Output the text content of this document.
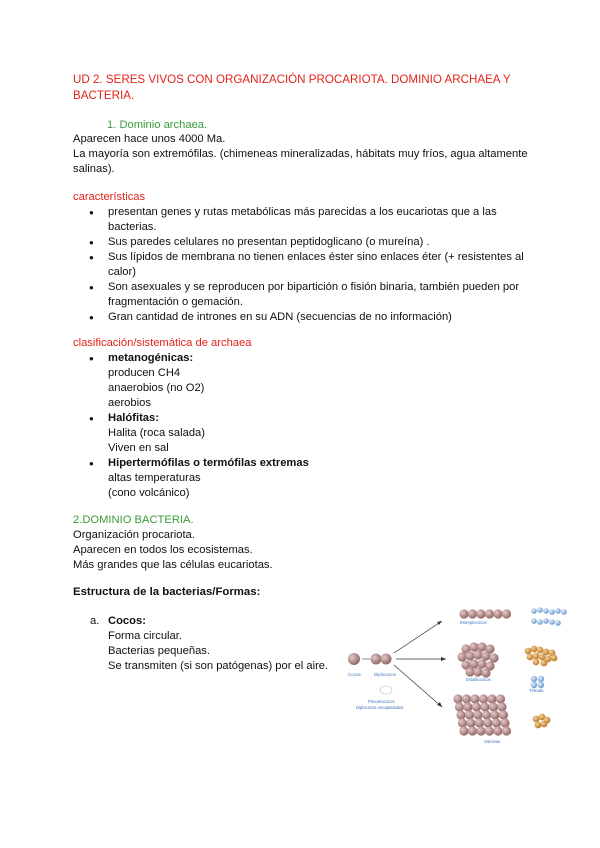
UD 2. SERES VIVOS CON ORGANIZACIÓN PROCARIOTA. DOMINIO ARCHAEA Y BACTERIA.
1. Dominio archaea.
Aparecen hace unos 4000 Ma.
La mayoría son extremófilas. (chimeneas mineralizadas, hábitats muy fríos, agua altamente salinas).
características
● presentan genes y rutas metabólicas más parecidas a los eucariotas que a las bacterias.
● Sus paredes celulares no presentan peptidoglicano (o mureína) .
● Sus lípidos de membrana no tienen enlaces éster sino enlaces éter (+ resistentes al calor)
● Son asexuales y se reproducen por bipartición o fisión binaria, también pueden por fragmentación o gemación.
● Gran cantidad de intrones en su ADN (secuencias de no información)
clasificación/sistemática de archaea
● metanogénicas:
producen CH4
anaerobios (no O2)
aerobios
● Halófitas:
Halita (roca salada)
Viven en sal
● Hipertermófilas o termófilas extremas
altas temperaturas
(cono volcánico)
2.DOMINIO BACTERIA.
Organización procariota.
Aparecen en todos los ecosistemas.
Más grandes que las células eucariotas.
Estructura de la bacterias/Formas:
a. Cocos:
Forma circular.
Bacterias pequeñas.
Se transmiten (si son patógenas) por el aire.
Cocos	Diplococos
Pneumococos
Diplococos encapsulados
Estreptococos
Estafilococos
Sarcinas
Tétrada
